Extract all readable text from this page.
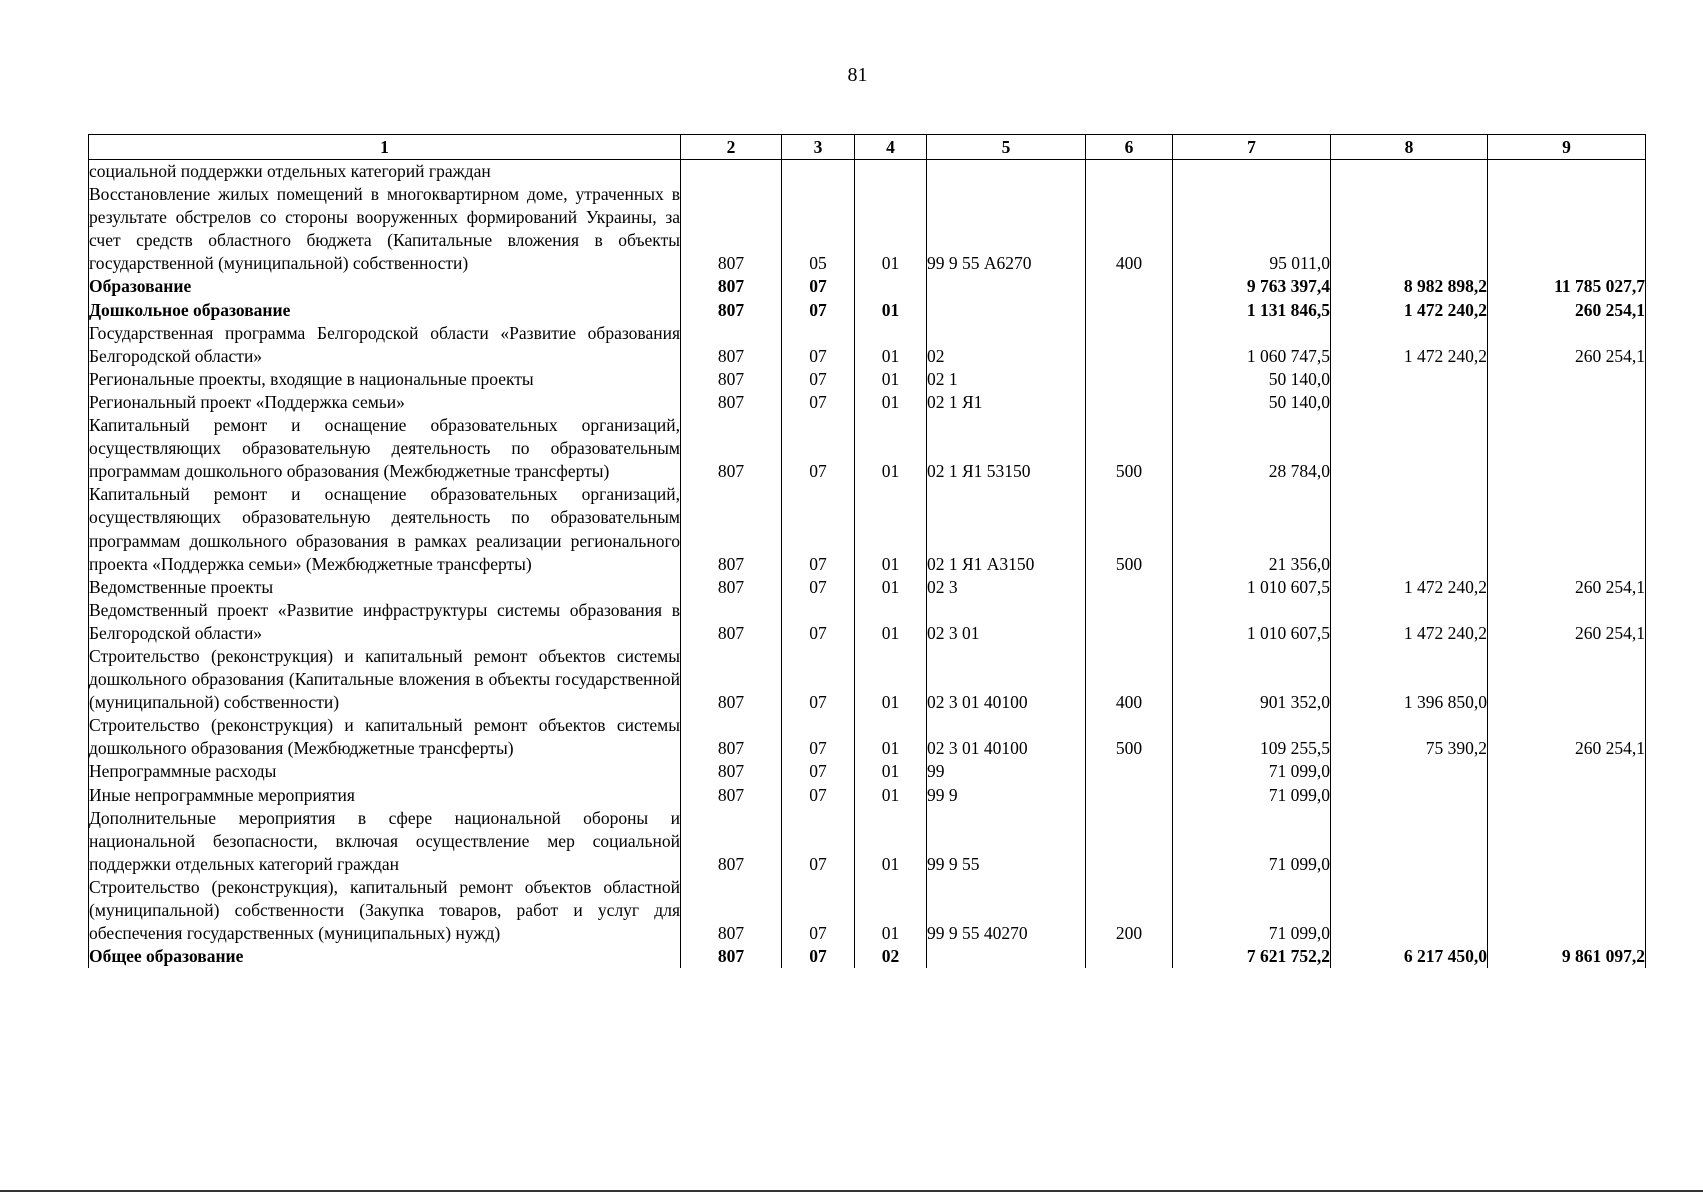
81
1	2	3	4	5	6	7	8	9
социальной поддержки отдельных категорий граждан								
Восстановление жилых помещений в многоквартирном доме, утраченных в результате обстрелов со стороны вооруженных формирований Украины, за счет средств областного бюджета (Капитальные вложения в объекты государственной (муниципальной) собственности)	807	05	01	99 9 55 А6270	400	95 011,0		
Образование	807	07				9 763 397,4	8 982 898,2	11 785 027,7
Дошкольное образование	807	07	01			1 131 846,5	1 472 240,2	260 254,1
Государственная программа Белгородской области «Развитие образования Белгородской области»	807	07	01	02		1 060 747,5	1 472 240,2	260 254,1
Региональные проекты, входящие в национальные проекты	807	07	01	02 1		50 140,0		
Региональный проект «Поддержка семьи»	807	07	01	02 1 Я1		50 140,0		
Капитальный ремонт и оснащение образовательных организаций, осуществляющих образовательную деятельность по образовательным программам дошкольного образования (Межбюджетные трансферты)	807	07	01	02 1 Я1 53150	500	28 784,0		
Капитальный ремонт и оснащение образовательных организаций, осуществляющих образовательную деятельность по образовательным программам дошкольного образования в рамках реализации регионального проекта «Поддержка семьи» (Межбюджетные трансферты)	807	07	01	02 1 Я1 А3150	500	21 356,0		
Ведомственные проекты	807	07	01	02 3		1 010 607,5	1 472 240,2	260 254,1
Ведомственный проект «Развитие инфраструктуры системы образования в Белгородской области»	807	07	01	02 3 01		1 010 607,5	1 472 240,2	260 254,1
Строительство (реконструкция) и капитальный ремонт объектов системы дошкольного образования (Капитальные вложения в объекты государственной (муниципальной) собственности)	807	07	01	02 3 01 40100	400	901 352,0	1 396 850,0	
Строительство (реконструкция) и капитальный ремонт объектов системы дошкольного образования (Межбюджетные трансферты)	807	07	01	02 3 01 40100	500	109 255,5	75 390,2	260 254,1
Непрограммные расходы	807	07	01	99		71 099,0		
Иные непрограммные мероприятия	807	07	01	99 9		71 099,0		
Дополнительные мероприятия в сфере национальной обороны и национальной безопасности, включая осуществление мер социальной поддержки отдельных категорий граждан	807	07	01	99 9 55		71 099,0		
Строительство (реконструкция), капитальный ремонт объектов областной (муниципальной) собственности (Закупка товаров, работ и услуг для обеспечения государственных (муниципальных) нужд)	807	07	01	99 9 55 40270	200	71 099,0		
Общее образование	807	07	02			7 621 752,2	6 217 450,0	9 861 097,2
